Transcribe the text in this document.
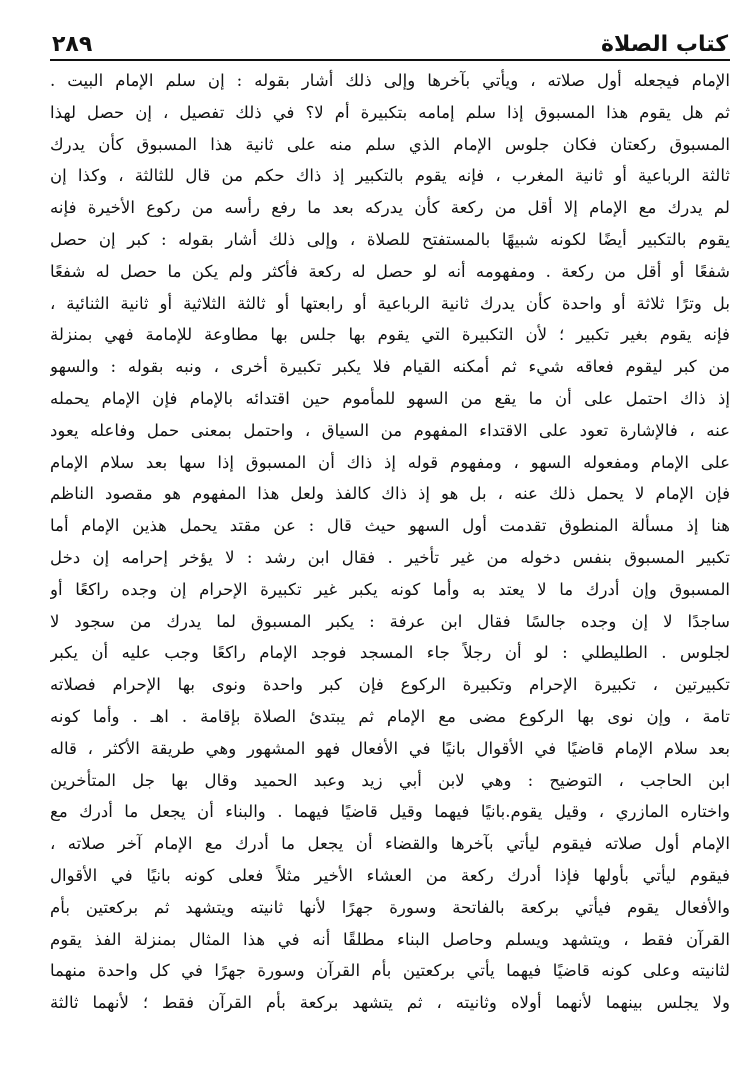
كتاب الصلاة
٢٨٩
الإمام فيجعله أول صلاته ، ويأتي بآخرها وإلى ذلك أشار بقوله : إن سلم الإمام البيت .
ثم هل يقوم هذا المسبوق إذا سلم إمامه بتكبيرة أم لا؟ في ذلك تفصيل ، إن حصل لهذا
المسبوق ركعتان فكان جلوس الإمام الذي سلم منه على ثانية هذا المسبوق كأن يدرك
ثالثة الرباعية أو ثانية المغرب ، فإنه يقوم بالتكبير إذ ذاك حكم من قال للثالثة ، وكذا إن
لم يدرك مع الإمام إلا أقل من ركعة كأن يدركه بعد ما رفع رأسه من ركوع الأخيرة فإنه
يقوم بالتكبير أيضًا لكونه شبيهًا بالمستفتح للصلاة ، وإلى ذلك أشار بقوله : كبر إن حصل
شفعًا أو أقل من ركعة . ومفهومه أنه لو حصل له ركعة فأكثر ولم يكن ما حصل له شفعًا
بل وترًا ثلاثة أو واحدة كأن يدرك ثانية الرباعية أو رابعتها أو ثالثة الثلاثية أو ثانية الثنائية ،
فإنه يقوم بغير تكبير ؛ لأن التكبيرة التي يقوم بها جلس بها مطاوعة للإمامة فهي بمنزلة
من كبر ليقوم فعاقه شيء ثم أمكنه القيام فلا يكبر تكبيرة أخرى ، ونبه بقوله : والسهو
إذ ذاك احتمل على أن ما يقع من السهو للمأموم حين اقتدائه بالإمام فإن الإمام يحمله
عنه ، فالإشارة تعود على الاقتداء المفهوم من السياق ، واحتمل بمعنى حمل وفاعله يعود
على الإمام ومفعوله السهو ، ومفهوم قوله إذ ذاك أن المسبوق إذا سها بعد سلام الإمام
فإن الإمام لا يحمل ذلك عنه ، بل هو إذ ذاك كالفذ ولعل هذا المفهوم هو مقصود الناظم
هنا إذ مسألة المنطوق تقدمت أول السهو حيث قال : عن مقتد يحمل هذين الإمام أما
تكبير المسبوق بنفس دخوله من غير تأخير . فقال ابن رشد : لا يؤخر إحرامه إن دخل
المسبوق وإن أدرك ما لا يعتد به وأما كونه يكبر غير تكبيرة الإحرام إن وجده راكعًا أو
ساجدًا لا إن وجده جالسًا فقال ابن عرفة : يكبر المسبوق لما يدرك من سجود لا
لجلوس . الطليطلي : لو أن رجلاً جاء المسجد فوجد الإمام راكعًا وجب عليه أن يكبر
تكبيرتين ، تكبيرة الإحرام وتكبيرة الركوع فإن كبر واحدة ونوى بها الإحرام فصلاته
تامة ، وإن نوى بها الركوع مضى مع الإمام ثم يبتدئ الصلاة بإقامة . اهـ . وأما كونه
بعد سلام الإمام قاضيًا في الأقوال بانيًا في الأفعال فهو المشهور وهي طريقة الأكثر ، قاله
ابن الحاجب ، التوضيح : وهي لابن أبي زيد وعبد الحميد وقال بها جل المتأخرين
واختاره المازري ، وقيل يقوم.بانيًا فيهما وقيل قاضيًا فيهما . والبناء أن يجعل ما أدرك مع
الإمام أول صلاته فيقوم ليأتي بآخرها والقضاء أن يجعل ما أدرك مع الإمام آخر صلاته ،
فيقوم ليأتي بأولها فإذا أدرك ركعة من العشاء الأخير مثلاً فعلى كونه بانيًا في الأقوال
والأفعال يقوم فيأتي بركعة بالفاتحة وسورة جهرًا لأنها ثانيته ويتشهد ثم بركعتين بأم
القرآن فقط ، ويتشهد ويسلم وحاصل البناء مطلقًا أنه في هذا المثال بمنزلة الفذ يقوم
لثانيته وعلى كونه قاضيًا فيهما يأتي بركعتين بأم القرآن وسورة جهرًا في كل واحدة منهما
ولا يجلس بينهما لأنهما أولاه وثانيته ، ثم يتشهد بركعة بأم القرآن فقط ؛ لأنهما ثالثة
